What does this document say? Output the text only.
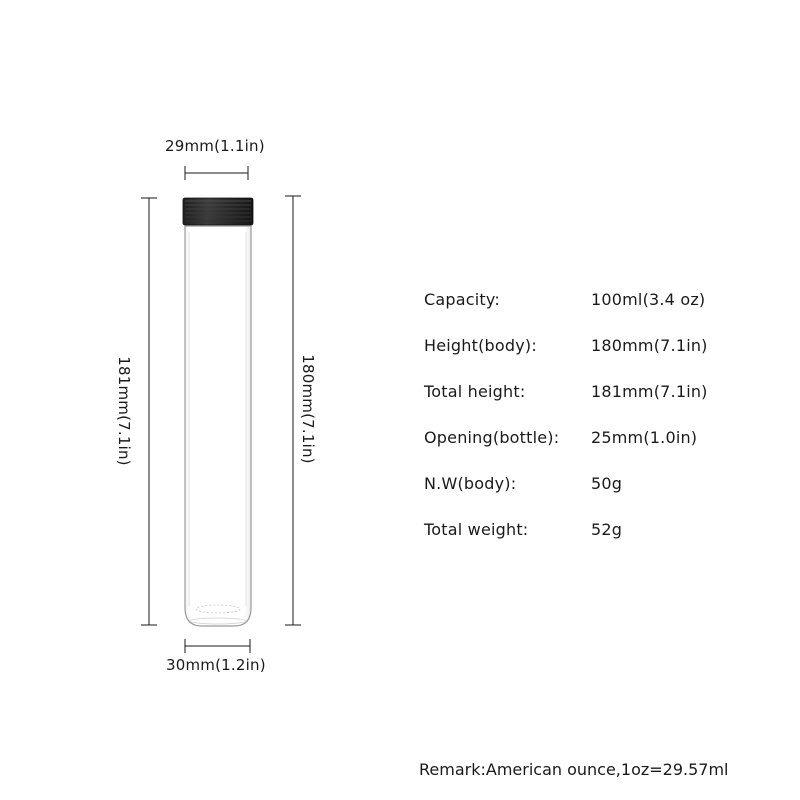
29mm(1.1in)
30mm(1.2in)
181mm(7.1in)	180mm(7.1in)
Capacity:	100ml(3.4 oz)
Height(body):	180mm(7.1in)
Total height:	181mm(7.1in)
Opening(bottle): 25mm(1.0in)
N.W(body):	50g
Total weight:	52g
Remark:American ounce,1oz=29.57ml
